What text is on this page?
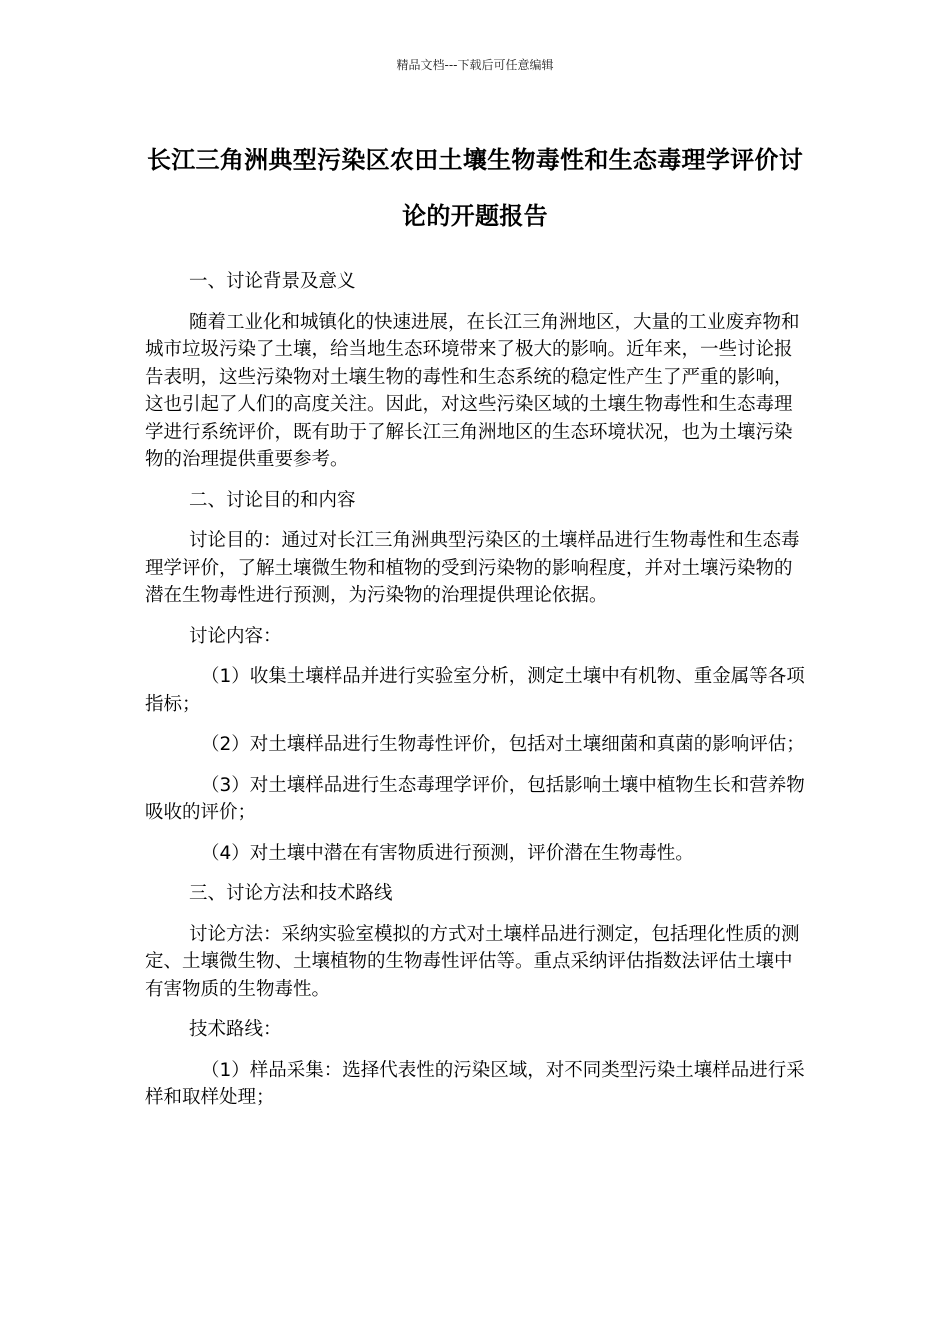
精品文档---下载后可任意编辑
长江三角洲典型污染区农田土壤生物毒性和生态毒理学评价讨论的开题报告

一、讨论背景及意义

随着工业化和城镇化的快速进展，在长江三角洲地区，大量的工业废弃物和城市垃圾污染了土壤，给当地生态环境带来了极大的影响。近年来，一些讨论报告表明，这些污染物对土壤生物的毒性和生态系统的稳定性产生了严重的影响，这也引起了人们的高度关注。因此，对这些污染区域的土壤生物毒性和生态毒理学进行系统评价，既有助于了解长江三角洲地区的生态环境状况，也为土壤污染物的治理提供重要参考。

二、讨论目的和内容

讨论目的：通过对长江三角洲典型污染区的土壤样品进行生物毒性和生态毒理学评价，了解土壤微生物和植物的受到污染物的影响程度，并对土壤污染物的潜在生物毒性进行预测，为污染物的治理提供理论依据。

讨论内容：

（1）收集土壤样品并进行实验室分析，测定土壤中有机物、重金属等各项指标；

（2）对土壤样品进行生物毒性评价，包括对土壤细菌和真菌的影响评估；

（3）对土壤样品进行生态毒理学评价，包括影响土壤中植物生长和营养物吸收的评价；

（4）对土壤中潜在有害物质进行预测，评价潜在生物毒性。

三、讨论方法和技术路线

讨论方法：采纳实验室模拟的方式对土壤样品进行测定，包括理化性质的测定、土壤微生物、土壤植物的生物毒性评估等。重点采纳评估指数法评估土壤中有害物质的生物毒性。

技术路线：

（1）样品采集：选择代表性的污染区域，对不同类型污染土壤样品进行采样和取样处理；
